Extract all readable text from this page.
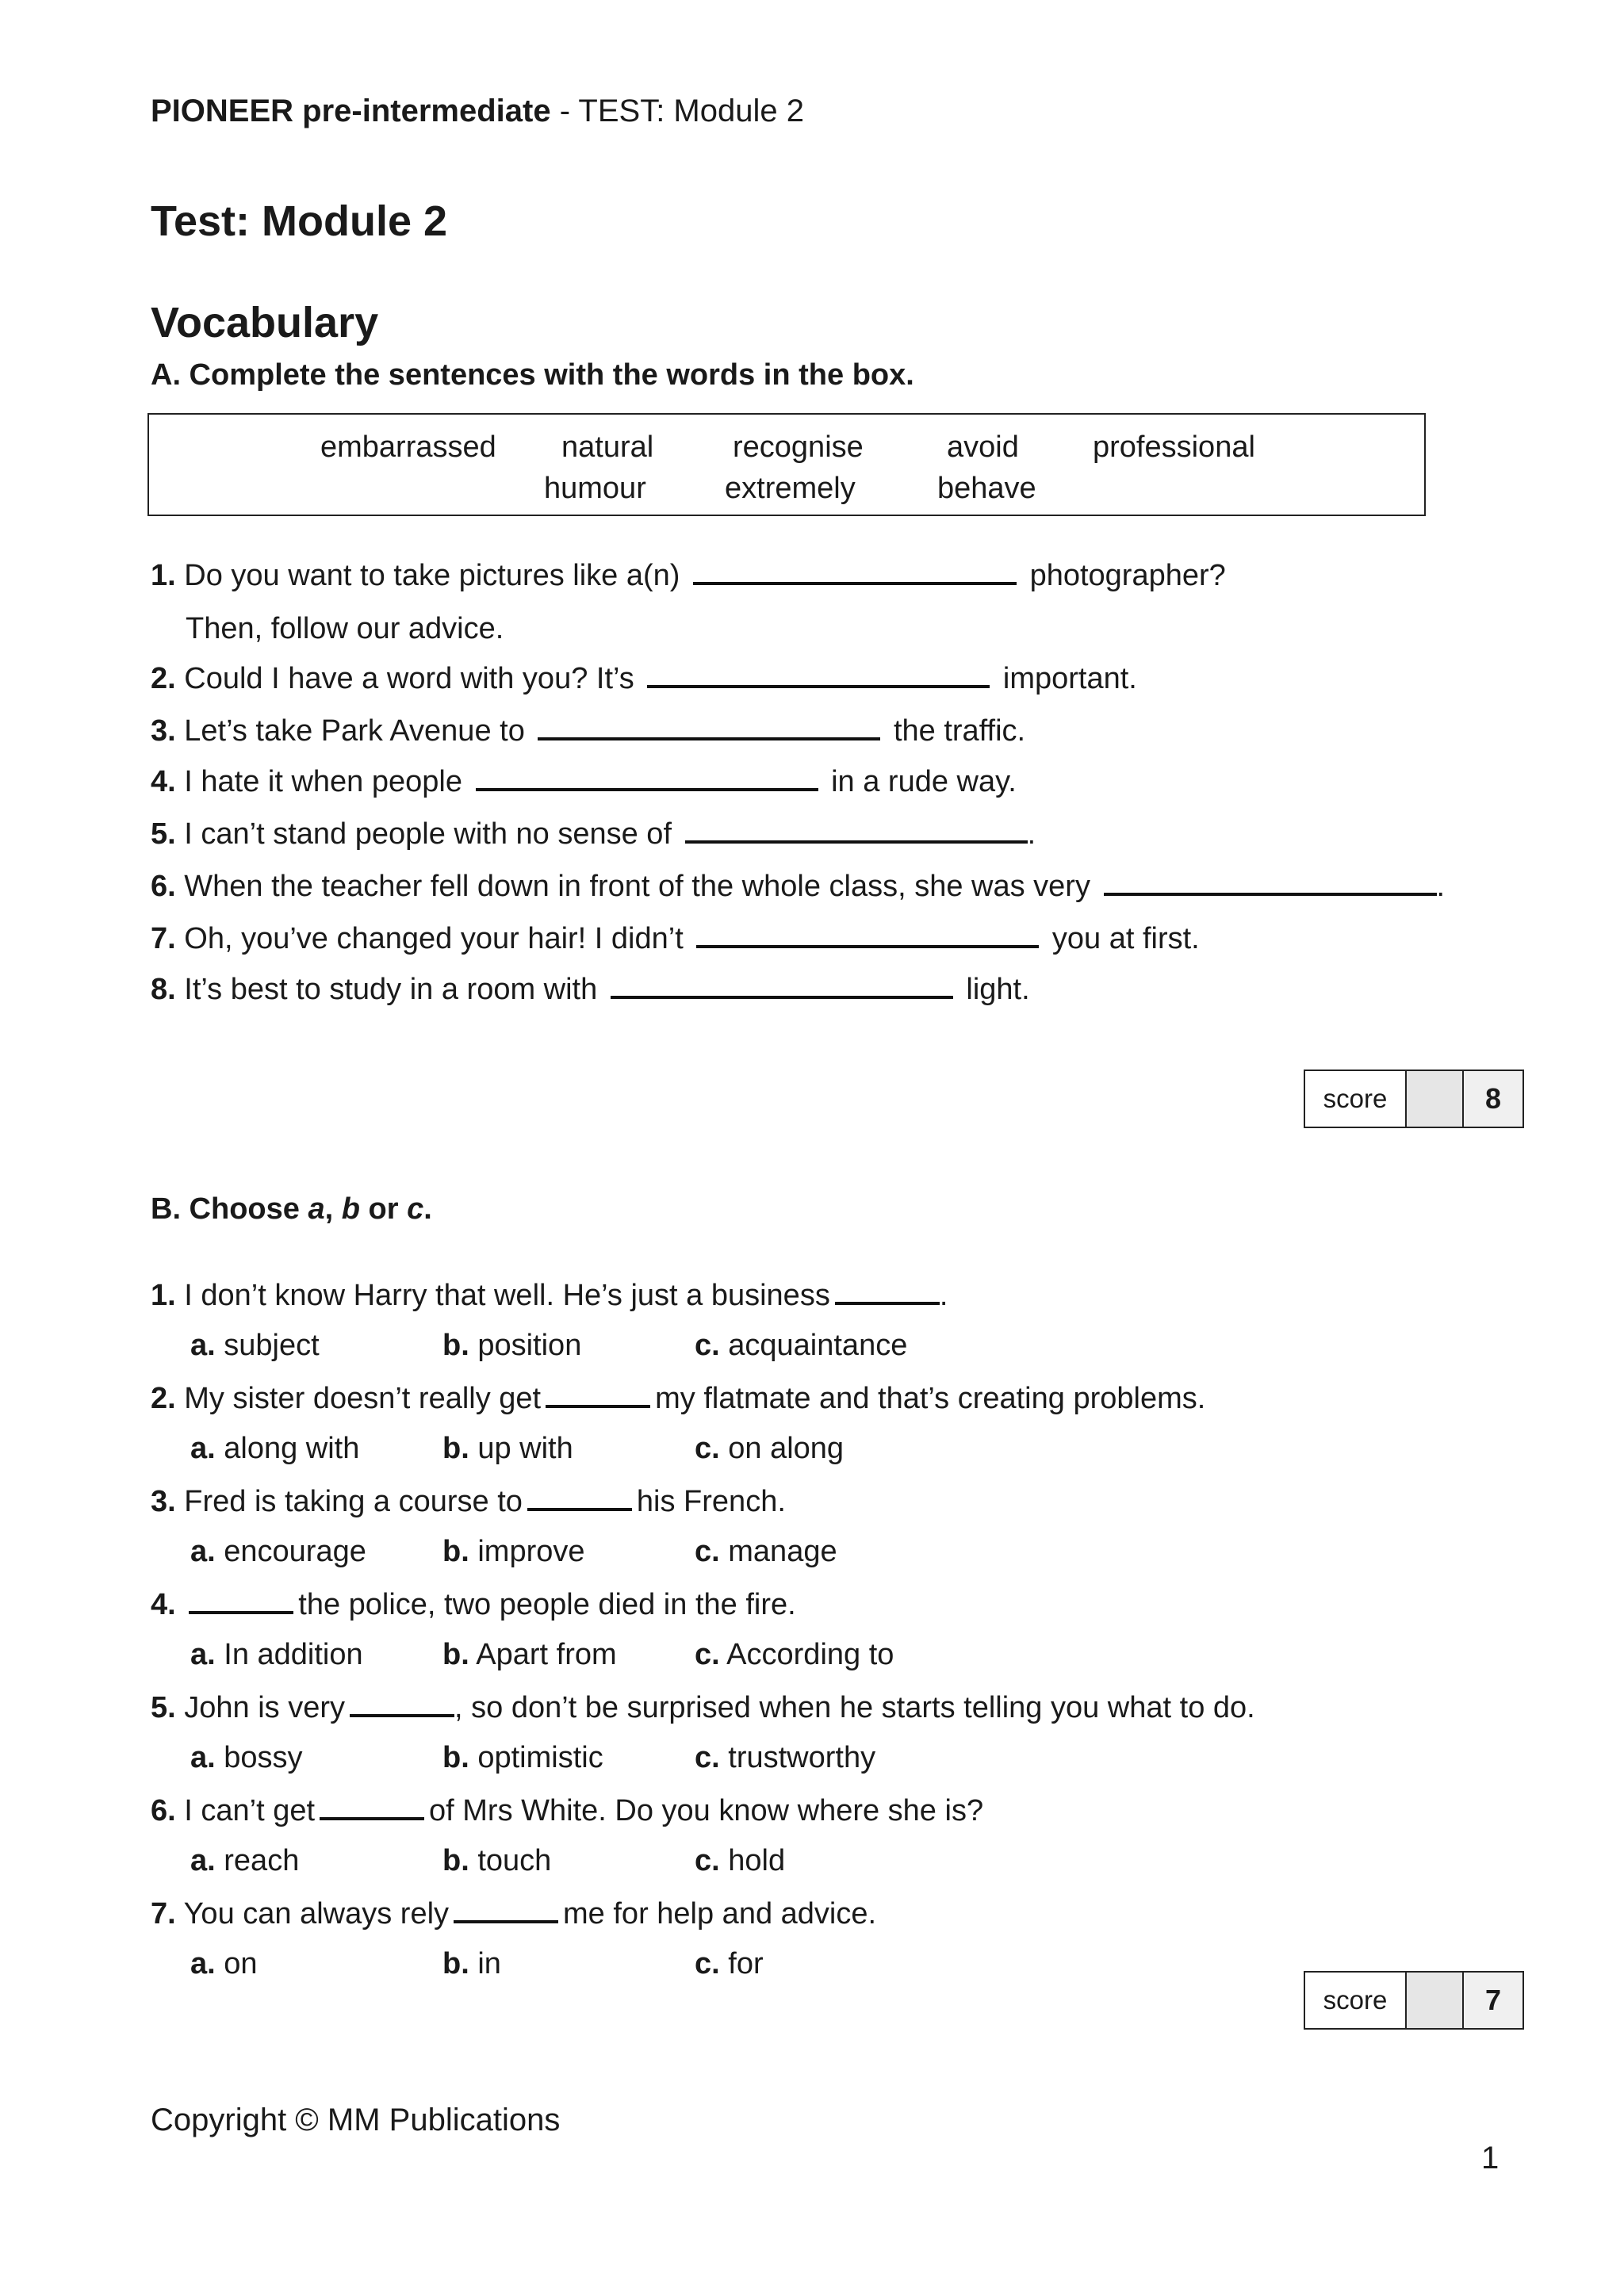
PIONEER pre-intermediate - TEST: Module 2
Test: Module 2
Vocabulary
A. Complete the sentences with the words in the box.
embarrassed natural	recognise	avoid professional
humour	extremely	behave
1. Do you want to take pictures like a(n)	photographer?
Then, follow our advice.
2. Could I have a word with you? It’s	important.
3. Let’s take Park Avenue to	the traffic.
4. I hate it when people	in a rude way.
5. I can’t stand people with no sense of	.
6. When the teacher fell down in front of the whole class, she was very	.
7. Oh, you’ve changed your hair! I didn’t	you at first.
8. It’s best to study in a room with	light.
score	8
B. Choose a, b or c.
1. I don’t know Harry that well. He’s just a business	.
a. subject	b. position	c. acquaintance
2. My sister doesn’t really get	my flatmate and that’s creating problems.
a. along with	b. up with	c. on along
3. Fred is taking a course to	his French.
a. encourage	b. improve	c. manage
4.	the police, two people died in the fire.
a. In addition	b. Apart from	c. According to
5. John is very	, so don’t be surprised when he starts telling you what to do.
a. bossy	b. optimistic	c. trustworthy
6. I can’t get	of Mrs White. Do you know where she is?
a. reach	b. touch	c. hold
7. You can always rely	me for help and advice.
a. on	b. in	c. for
score	7
Copyright © MM Publications
1
